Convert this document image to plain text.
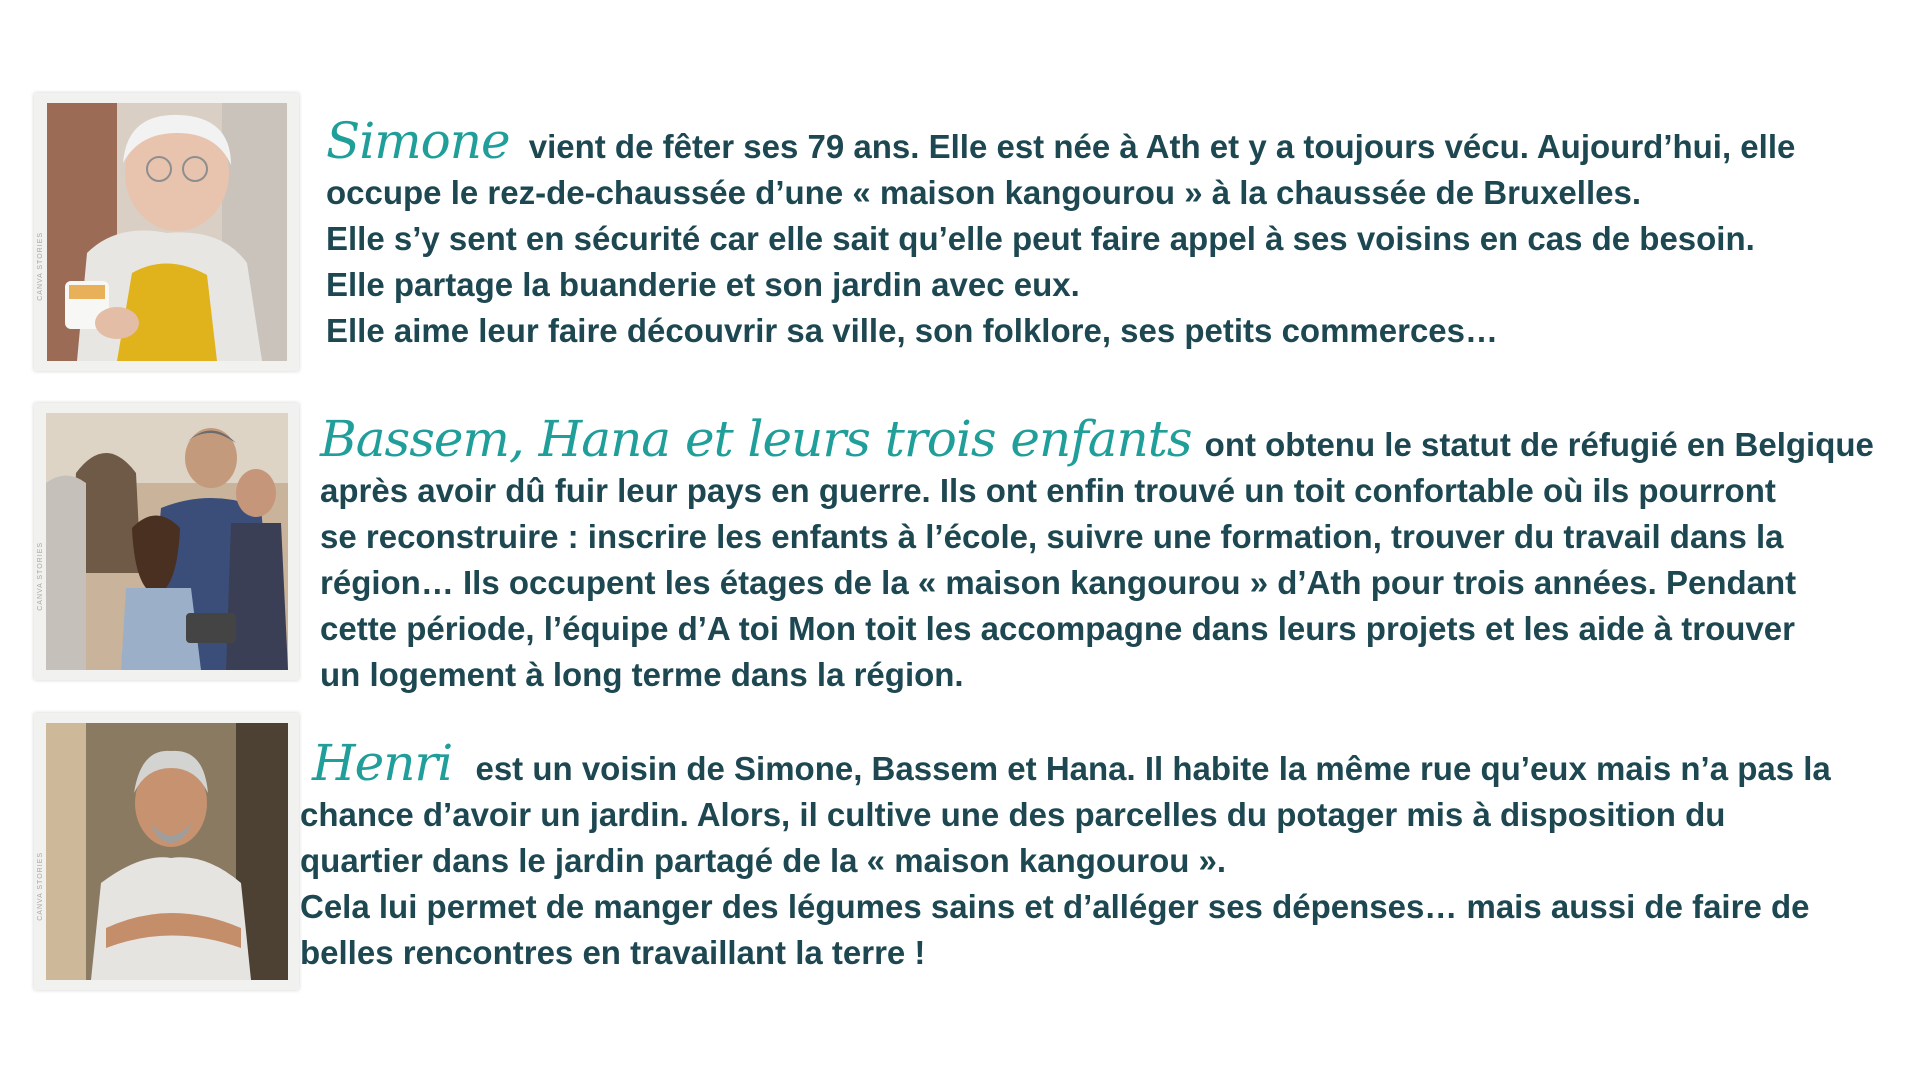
CANVA STORIES

Simone vient de fêter ses 79 ans. Elle est née à Ath et y a toujours vécu. Aujourd’hui, elle

occupe le rez-de-chaussée d’une « maison kangourou » à la chaussée de Bruxelles.

Elle s’y sent en sécurité car elle sait qu’elle peut faire appel à ses voisins en cas de besoin.

Elle partage la buanderie et son jardin avec eux.

Elle aime leur faire découvrir sa ville, son folklore, ses petits commerces…

CANVA STORIES

Bassem, Hana et leurs trois enfants ont obtenu le statut de réfugié en Belgique

après avoir dû fuir leur pays en guerre. Ils ont enfin trouvé un toit confortable où ils pourront

se reconstruire : inscrire les enfants à l’école, suivre une formation, trouver du travail dans la

région… Ils occupent les étages de la « maison kangourou » d’Ath pour trois années. Pendant

cette période, l’équipe d’A toi Mon toit les accompagne dans leurs projets et les aide à trouver

un logement à long terme dans la région.

CANVA STORIES

Henri est un voisin de Simone, Bassem et Hana. Il habite la même rue qu’eux mais n’a pas la

chance d’avoir un jardin. Alors, il cultive une des parcelles du potager mis à disposition du

quartier dans le jardin partagé de la « maison kangourou ».

Cela lui permet de manger des légumes sains et d’alléger ses dépenses… mais aussi de faire de

belles rencontres en travaillant la terre !
